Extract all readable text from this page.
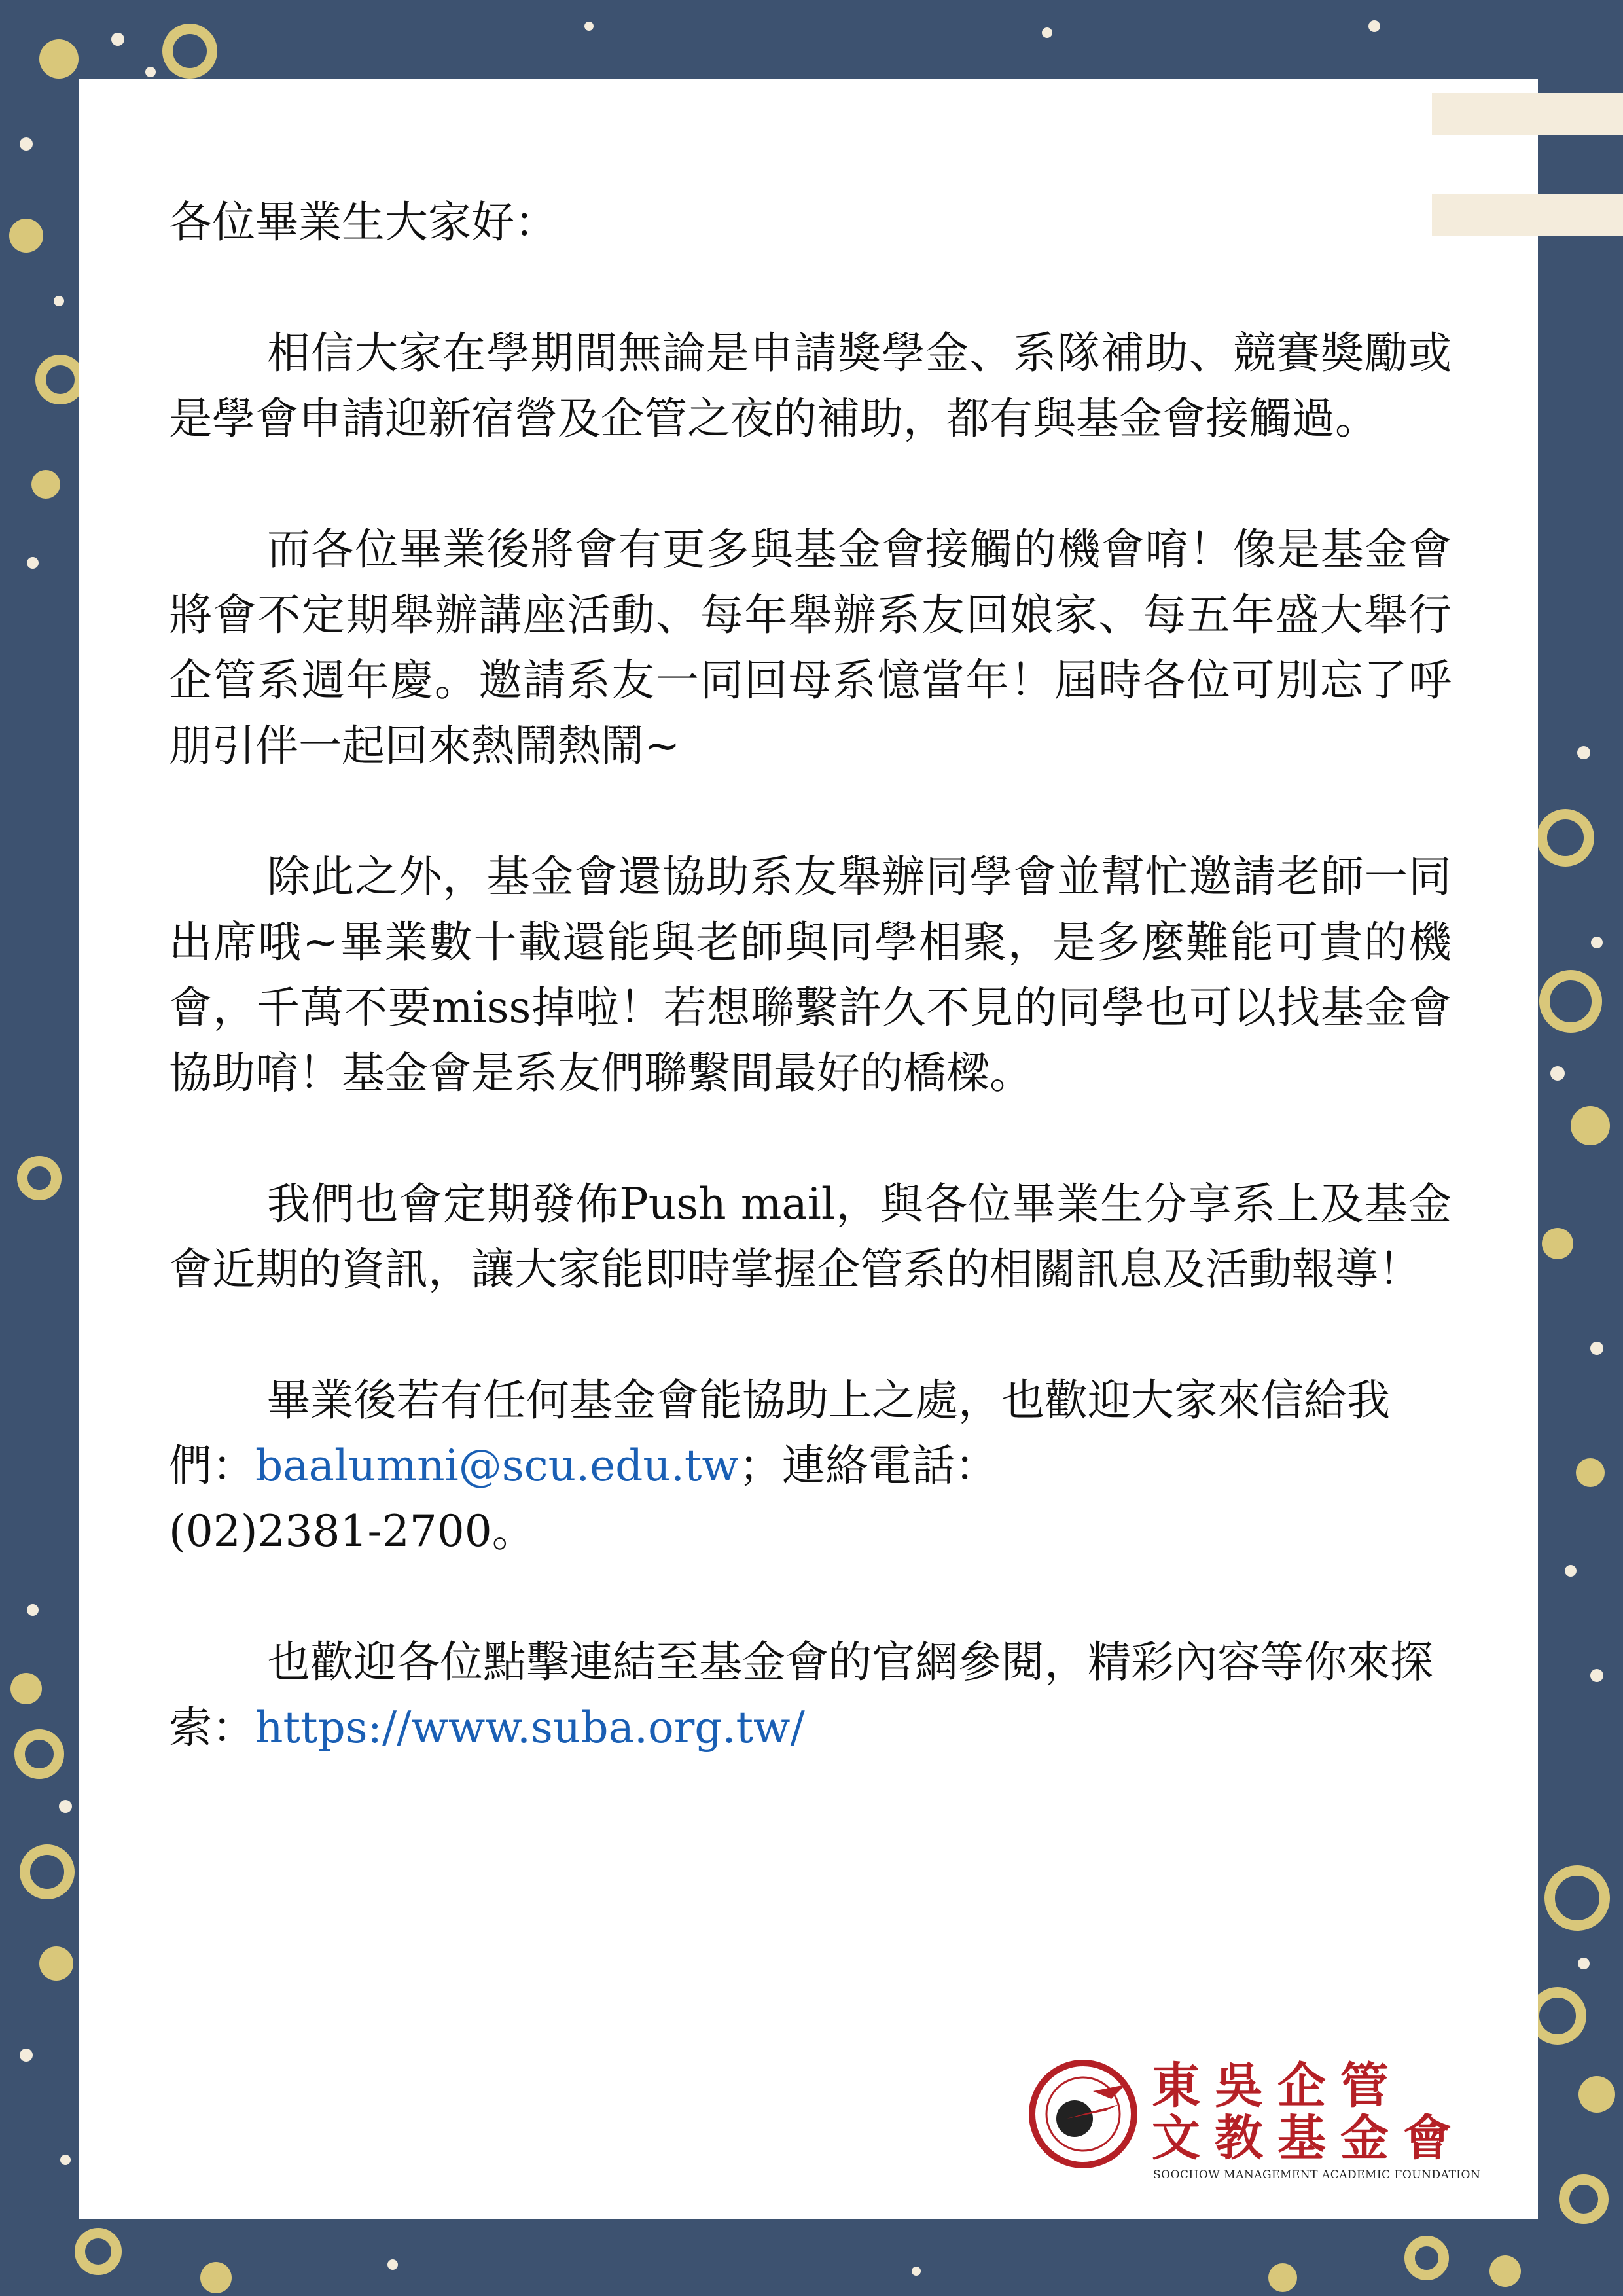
各位畢業生大家好：

相信大家在學期間無論是申請獎學金、系隊補助、競賽獎勵或是學會申請迎新宿營及企管之夜的補助，都有與基金會接觸過。

而各位畢業後將會有更多與基金會接觸的機會唷！像是基金會將會不定期舉辦講座活動、每年舉辦系友回娘家、每五年盛大舉行企管系週年慶。邀請系友一同回母系憶當年！屆時各位可別忘了呼朋引伴一起回來熱鬧熱鬧~

除此之外，基金會還協助系友舉辦同學會並幫忙邀請老師一同出席哦~畢業數十載還能與老師與同學相聚，是多麼難能可貴的機會，千萬不要miss掉啦！若想聯繫許久不見的同學也可以找基金會協助唷！基金會是系友們聯繫間最好的橋樑。

我們也會定期發佈Push mail，與各位畢業生分享系上及基金會近期的資訊，讓大家能即時掌握企管系的相關訊息及活動報導！

畢業後若有任何基金會能協助上之處，也歡迎大家來信給我們：baalumni@scu.edu.tw；連絡電話：
(02)2381-2700。

也歡迎各位點擊連結至基金會的官網參閱，精彩內容等你來探索：https://www.suba.org.tw/

東吳企管
文教基金會
SOOCHOW MANAGEMENT ACADEMIC FOUNDATION
